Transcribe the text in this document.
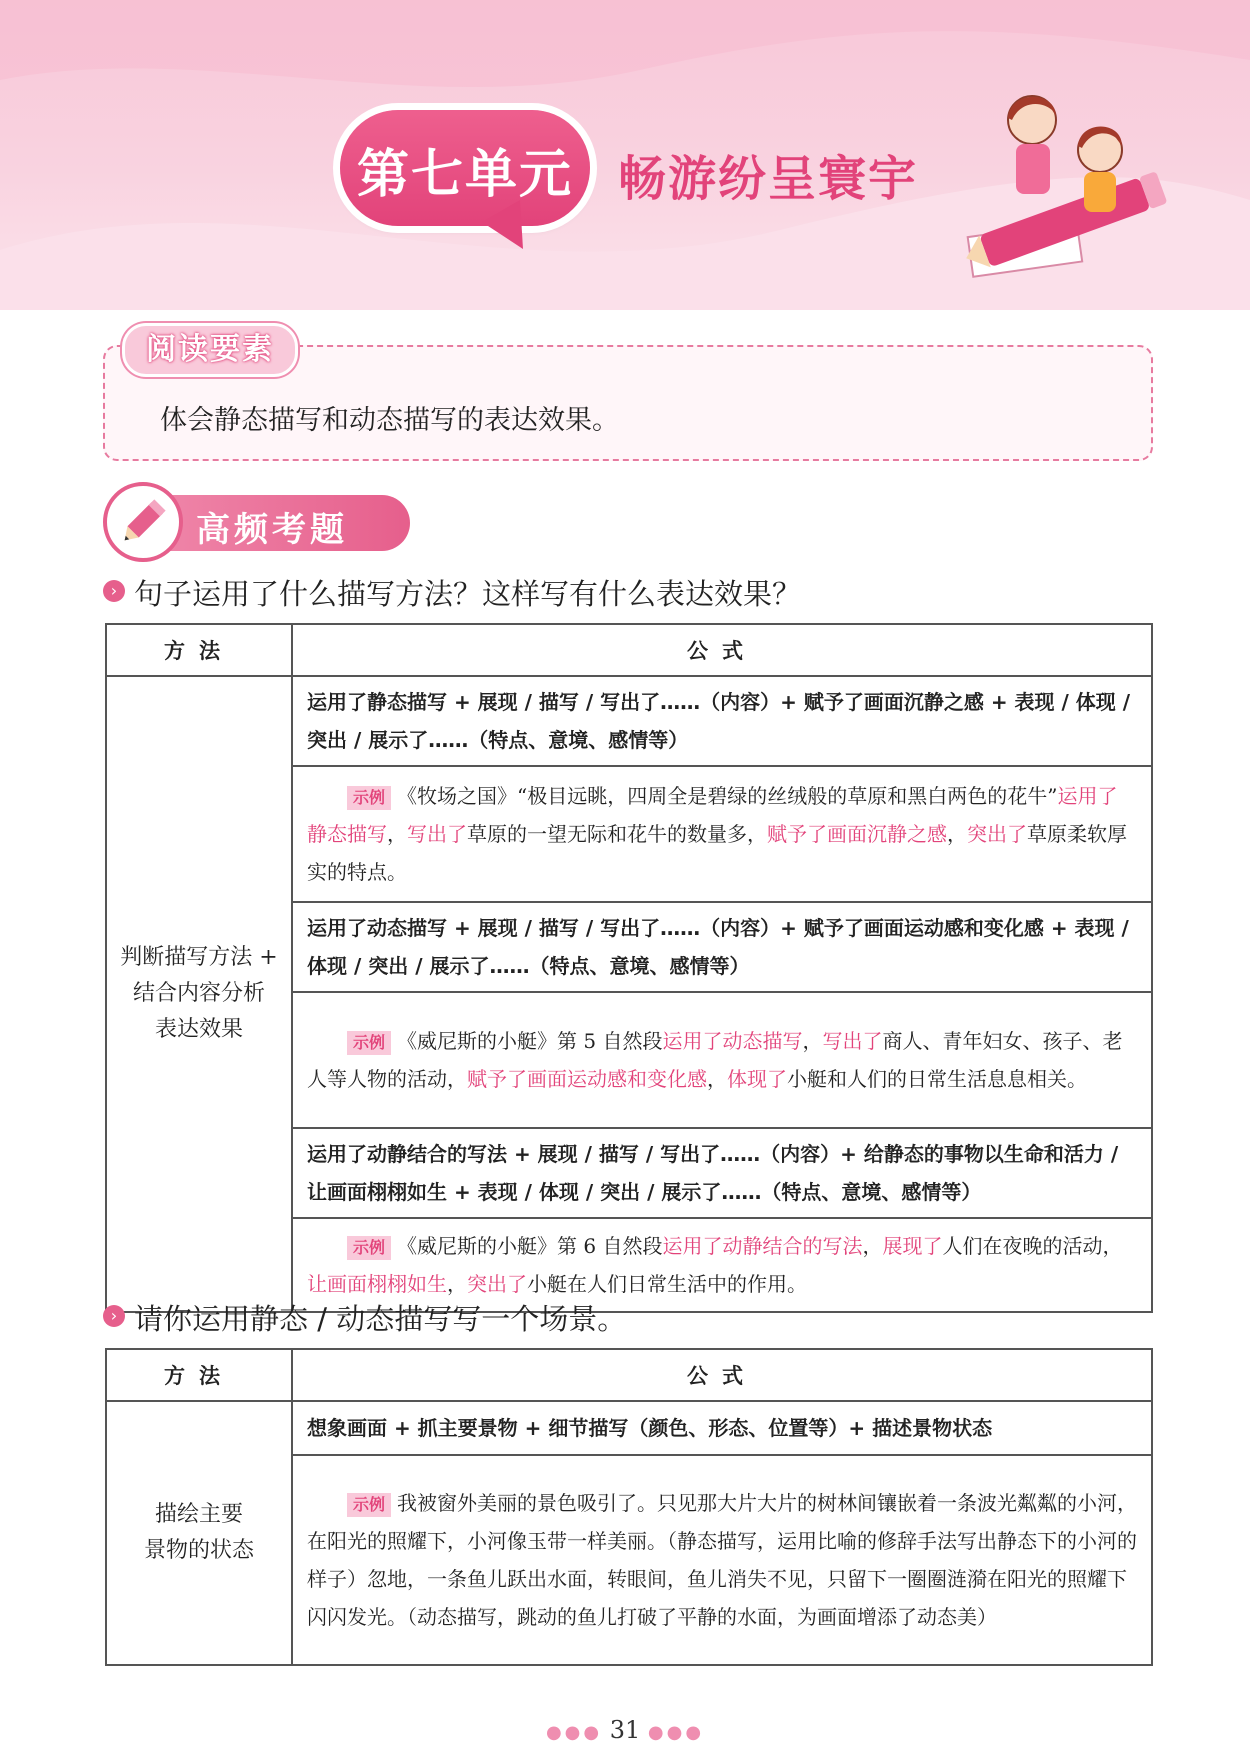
第七单元 畅游纷呈寰宇
阅读要素
体会静态描写和动态描写的表达效果。
高频考题
› 句子运用了什么描写方法？这样写有什么表达效果？
方法	公式

判断描写方法 +
结合内容分析
表达效果	运用了静态描写 + 展现 / 描写 / 写出了……（内容）+ 赋予了画面沉静之感 + 表现 / 体现 / 突出 / 展示了……（特点、意境、感情等）
	示例 《牧场之国》“极目远眺，四周全是碧绿的丝绒般的草原和黑白两色的花牛”运用了静态描写，写出了草原的一望无际和花牛的数量多，赋予了画面沉静之感，突出了草原柔软厚实的特点。
	运用了动态描写 + 展现 / 描写 / 写出了……（内容）+ 赋予了画面运动感和变化感 + 表现 / 体现 / 突出 / 展示了……（特点、意境、感情等）
	示例 《威尼斯的小艇》第 5 自然段运用了动态描写，写出了商人、青年妇女、孩子、老人等人物的活动，赋予了画面运动感和变化感，体现了小艇和人们的日常生活息息相关。
	运用了动静结合的写法 + 展现 / 描写 / 写出了……（内容）+ 给静态的事物以生命和活力 / 让画面栩栩如生 + 表现 / 体现 / 突出 / 展示了……（特点、意境、感情等）
	示例 《威尼斯的小艇》第 6 自然段运用了动静结合的写法，展现了人们在夜晚的活动，让画面栩栩如生，突出了小艇在人们日常生活中的作用。
› 请你运用静态 / 动态描写写一个场景。
方法	公式

描绘主要
景物的状态	想象画面 + 抓主要景物 + 细节描写（颜色、形态、位置等）+ 描述景物状态
	示例 我被窗外美丽的景色吸引了。只见那大片大片的树林间镶嵌着一条波光粼粼的小河，在阳光的照耀下，小河像玉带一样美丽。（静态描写，运用比喻的修辞手法写出静态下的小河的样子）忽地，一条鱼儿跃出水面，转眼间，鱼儿消失不见，只留下一圈圈涟漪在阳光的照耀下闪闪发光。（动态描写，跳动的鱼儿打破了平静的水面，为画面增添了动态美）
●●● 31 ●●●
